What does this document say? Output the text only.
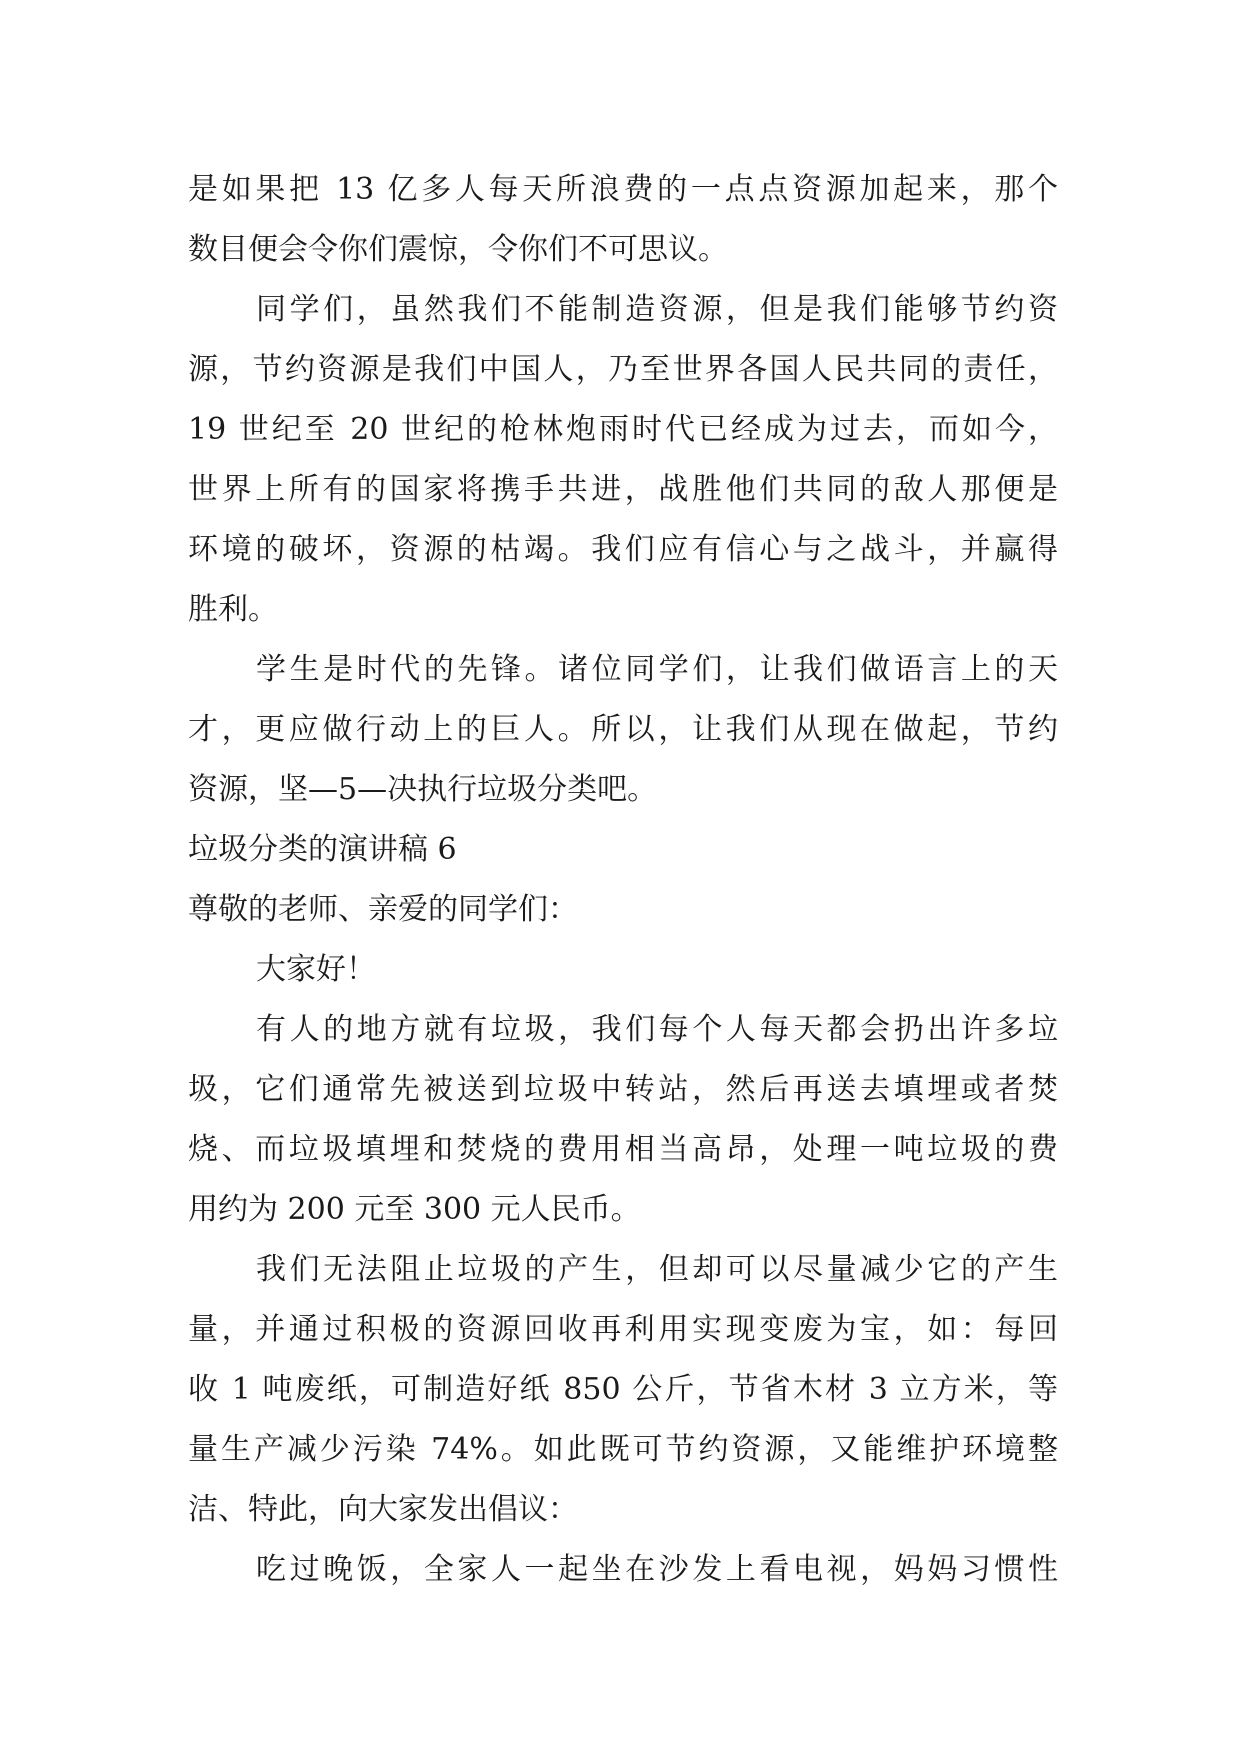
是如果把 13 亿多人每天所浪费的一点点资源加起来，那个
数目便会令你们震惊，令你们不可思议。
同学们，虽然我们不能制造资源，但是我们能够节约资
源，节约资源是我们中国人，乃至世界各国人民共同的责任，
19 世纪至 20 世纪的枪林炮雨时代已经成为过去，而如今，
世界上所有的国家将携手共进，战胜他们共同的敌人那便是
环境的破坏，资源的枯竭。我们应有信心与之战斗，并赢得
胜利。
学生是时代的先锋。诸位同学们，让我们做语言上的天
才，更应做行动上的巨人。所以，让我们从现在做起，节约
资源，坚—5—决执行垃圾分类吧。
垃圾分类的演讲稿 6
尊敬的老师、亲爱的同学们：
大家好！
有人的地方就有垃圾，我们每个人每天都会扔出许多垃
圾，它们通常先被送到垃圾中转站，然后再送去填埋或者焚
烧、而垃圾填埋和焚烧的费用相当高昂，处理一吨垃圾的费
用约为 200 元至 300 元人民币。
我们无法阻止垃圾的产生，但却可以尽量减少它的产生
量，并通过积极的资源回收再利用实现变废为宝，如：每回
收 1 吨废纸，可制造好纸 850 公斤，节省木材 3 立方米，等
量生产减少污染 74%。如此既可节约资源，又能维护环境整
洁、特此，向大家发出倡议：
吃过晚饭，全家人一起坐在沙发上看电视，妈妈习惯性
